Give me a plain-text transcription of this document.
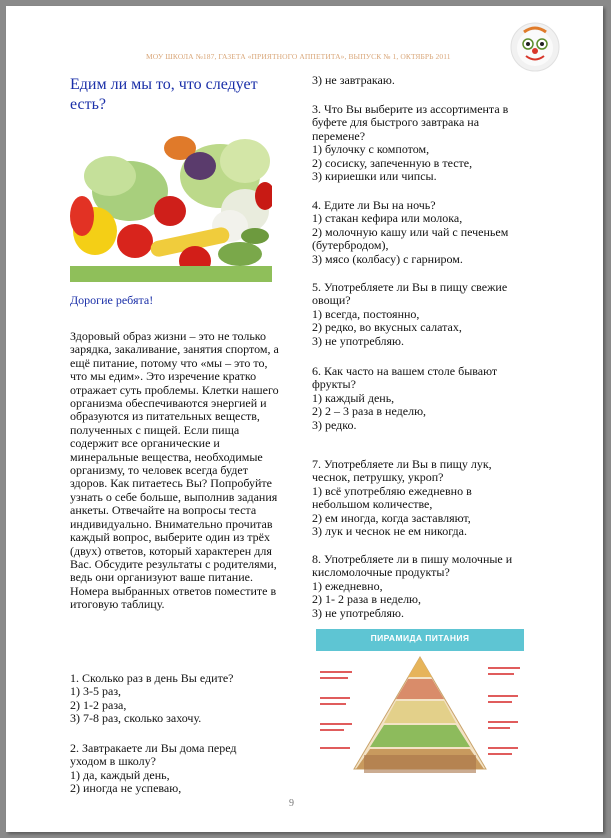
МОУ ШКОЛА №187, ГАЗЕТА «ПРИЯТНОГО АППЕТИТА», ВЫПУСК № 1, ОКТЯБРЬ 2011
Едим ли мы то, что следует есть?
Дорогие ребята!
Здоровый образ жизни – это не только зарядка, закаливание, занятия спортом, а ещё питание, потому что «мы – это то, что мы едим». Это изречение кратко отражает суть проблемы. Клетки нашего организма обеспечиваются энергией и образуются из питательных веществ, полученных с пищей. Если пища содержит все органические и минеральные вещества, необходимые организму, то человек всегда будет здоров. Как питаетесь Вы? Попробуйте узнать о себе больше, выполнив задания анкеты. Отвечайте на вопросы теста индивидуально. Внимательно прочитав каждый вопрос, выберите один из трёх (двух) ответов, который характерен для Вас. Обсудите результаты с родителями, ведь они организуют ваше питание. Номера выбранных ответов поместите в итоговую таблицу.
1. Сколько раз в день Вы едите?
1) 3-5 раз,
2) 1-2 раза,
3) 7-8 раз, сколько захочу.
2. Завтракаете ли Вы дома перед уходом в школу?
1) да, каждый день,
2) иногда не успеваю,
3) не завтракаю.
3. Что Вы выберите из ассортимента в буфете для быстрого завтрака на перемене?
1) булочку с компотом,
2) сосиску, запеченную в тесте,
3) кириешки или чипсы.
4. Едите ли Вы на ночь?
1) стакан кефира или молока,
2) молочную кашу или чай с печеньем (бутербродом),
3) мясо (колбасу) с гарниром.
5. Употребляете ли Вы в пищу свежие овощи?
1) всегда, постоянно,
2) редко, во вкусных салатах,
3) не употребляю.
6. Как часто на вашем столе бывают фрукты?
1) каждый день,
2) 2 – 3 раза в неделю,
3) редко.
7. Употребляете ли Вы в пищу лук, чеснок, петрушку, укроп?
1) всё употребляю ежедневно в небольшом количестве,
2) ем иногда, когда заставляют,
3) лук и чеснок не ем никогда.
8. Употребляете ли в пишу молочные и кисломолочные продукты?
1) ежедневно,
2) 1- 2 раза в неделю,
3) не употребляю.
ПИРАМИДА ПИТАНИЯ
9
